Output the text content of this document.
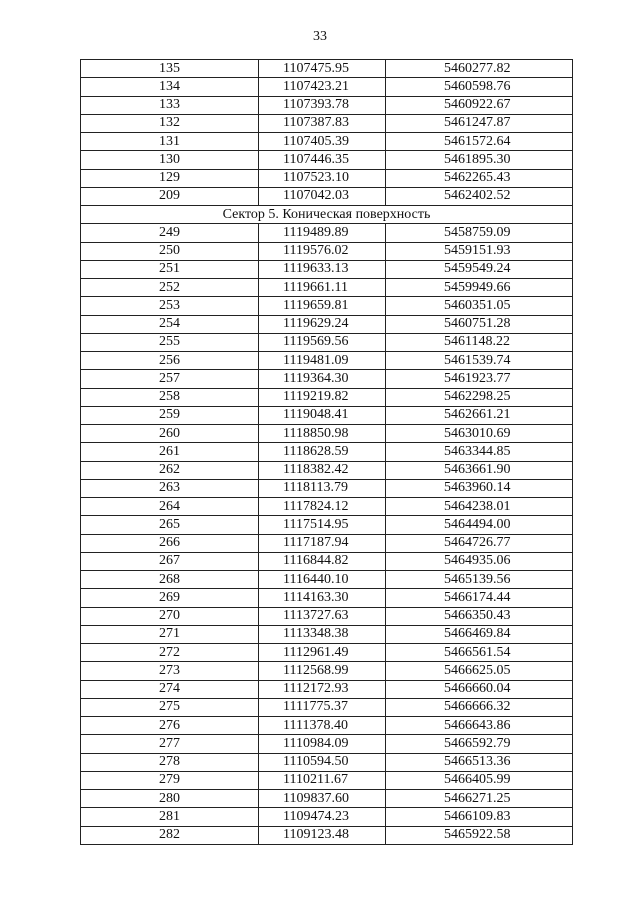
33
135	1107475.95	5460277.82
134	1107423.21	5460598.76
133	1107393.78	5460922.67
132	1107387.83	5461247.87
131	1107405.39	5461572.64
130	1107446.35	5461895.30
129	1107523.10	5462265.43
209	1107042.03	5462402.52
Сектор 5. Коническая поверхность		
249	1119489.89	5458759.09
250	1119576.02	5459151.93
251	1119633.13	5459549.24
252	1119661.11	5459949.66
253	1119659.81	5460351.05
254	1119629.24	5460751.28
255	1119569.56	5461148.22
256	1119481.09	5461539.74
257	1119364.30	5461923.77
258	1119219.82	5462298.25
259	1119048.41	5462661.21
260	1118850.98	5463010.69
261	1118628.59	5463344.85
262	1118382.42	5463661.90
263	1118113.79	5463960.14
264	1117824.12	5464238.01
265	1117514.95	5464494.00
266	1117187.94	5464726.77
267	1116844.82	5464935.06
268	1116440.10	5465139.56
269	1114163.30	5466174.44
270	1113727.63	5466350.43
271	1113348.38	5466469.84
272	1112961.49	5466561.54
273	1112568.99	5466625.05
274	1112172.93	5466660.04
275	1111775.37	5466666.32
276	1111378.40	5466643.86
277	1110984.09	5466592.79
278	1110594.50	5466513.36
279	1110211.67	5466405.99
280	1109837.60	5466271.25
281	1109474.23	5466109.83
282	1109123.48	5465922.58
